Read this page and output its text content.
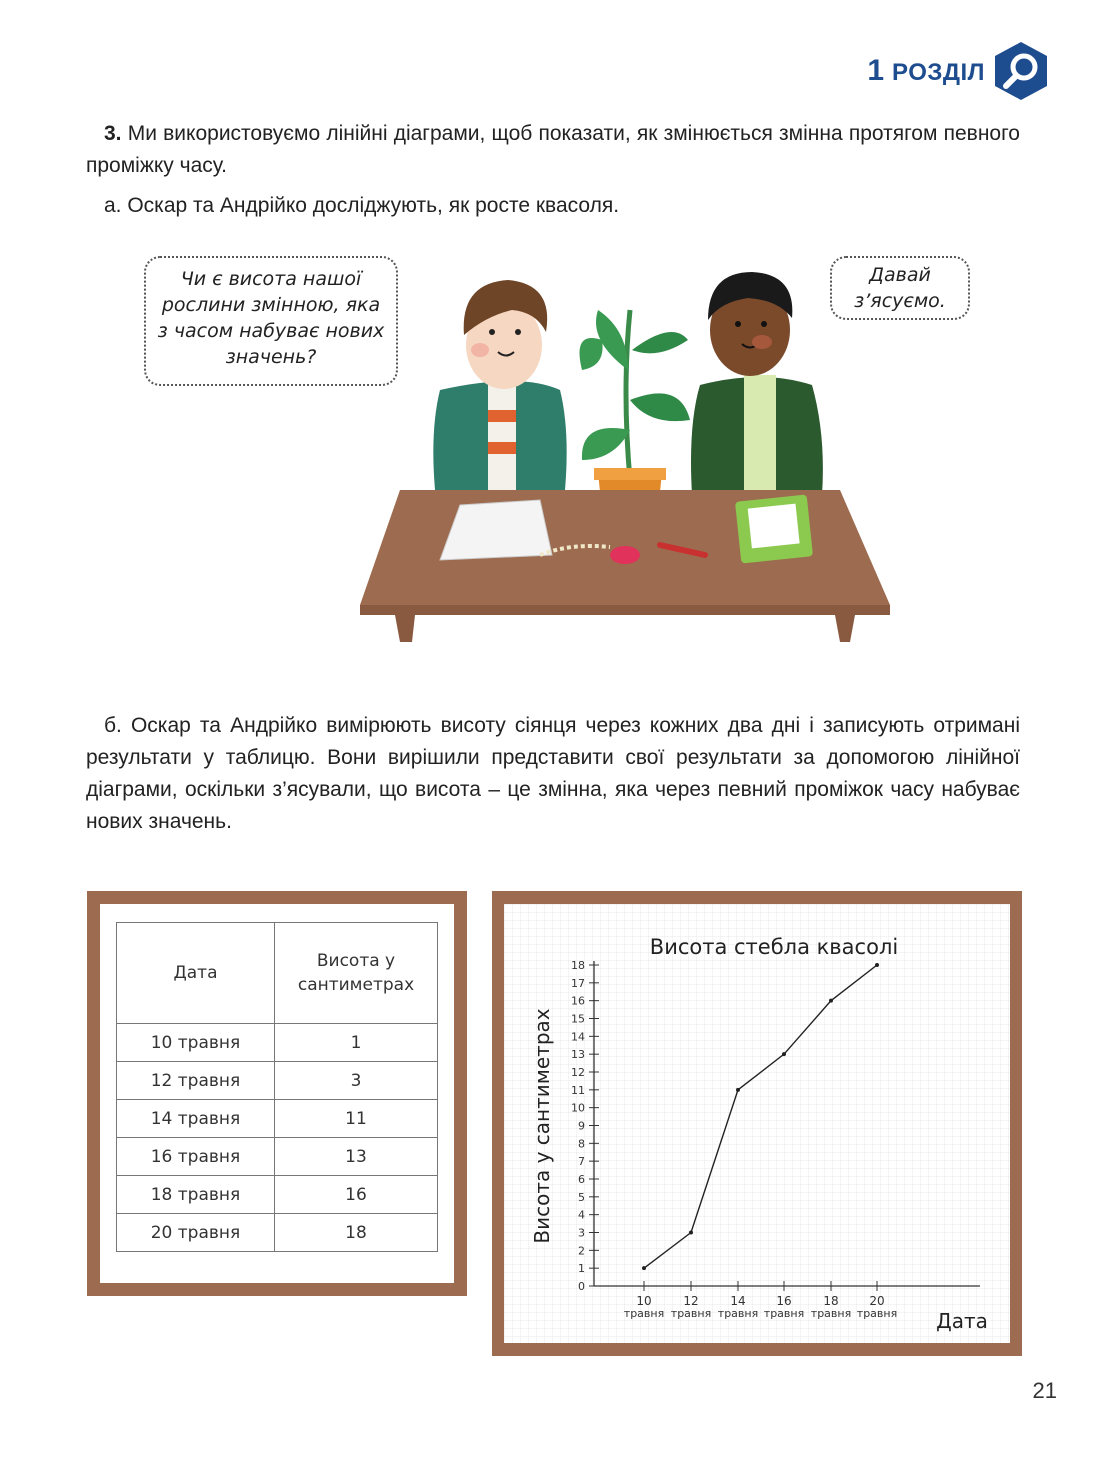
1 РОЗДІЛ
3. Ми використовуємо лінійні діаграми, щоб показати, як змінюється змінна протягом певного проміжку часу.
а. Оскар та Андрійко досліджують, як росте квасоля.
Чи є висота нашої рослини змінною, яка з часом набуває нових значень?
Давай з’ясуємо.
б. Оскар та Андрійко вимірюють висоту сіянця через кожних два дні і записують отримані результати у таблицю. Вони вирішили представити свої результати за допомогою лінійної діаграми, оскільки з’ясували, що висота – це змінна, яка через певний проміжок часу набуває нових значень.
Дата	Висота у сантиметрах
10 травня	1
12 травня	3
14 травня	11
16 травня	13
18 травня	16
20 травня	18
Висота стебла квасолі
Висота у сантиметрах
Дата
0
1
2
3
4
5
6
7
8
9
10
11
12
13
14
15
16
17
18
10
травня
12
травня
14
травня
16
травня
18
травня
20
травня
21
